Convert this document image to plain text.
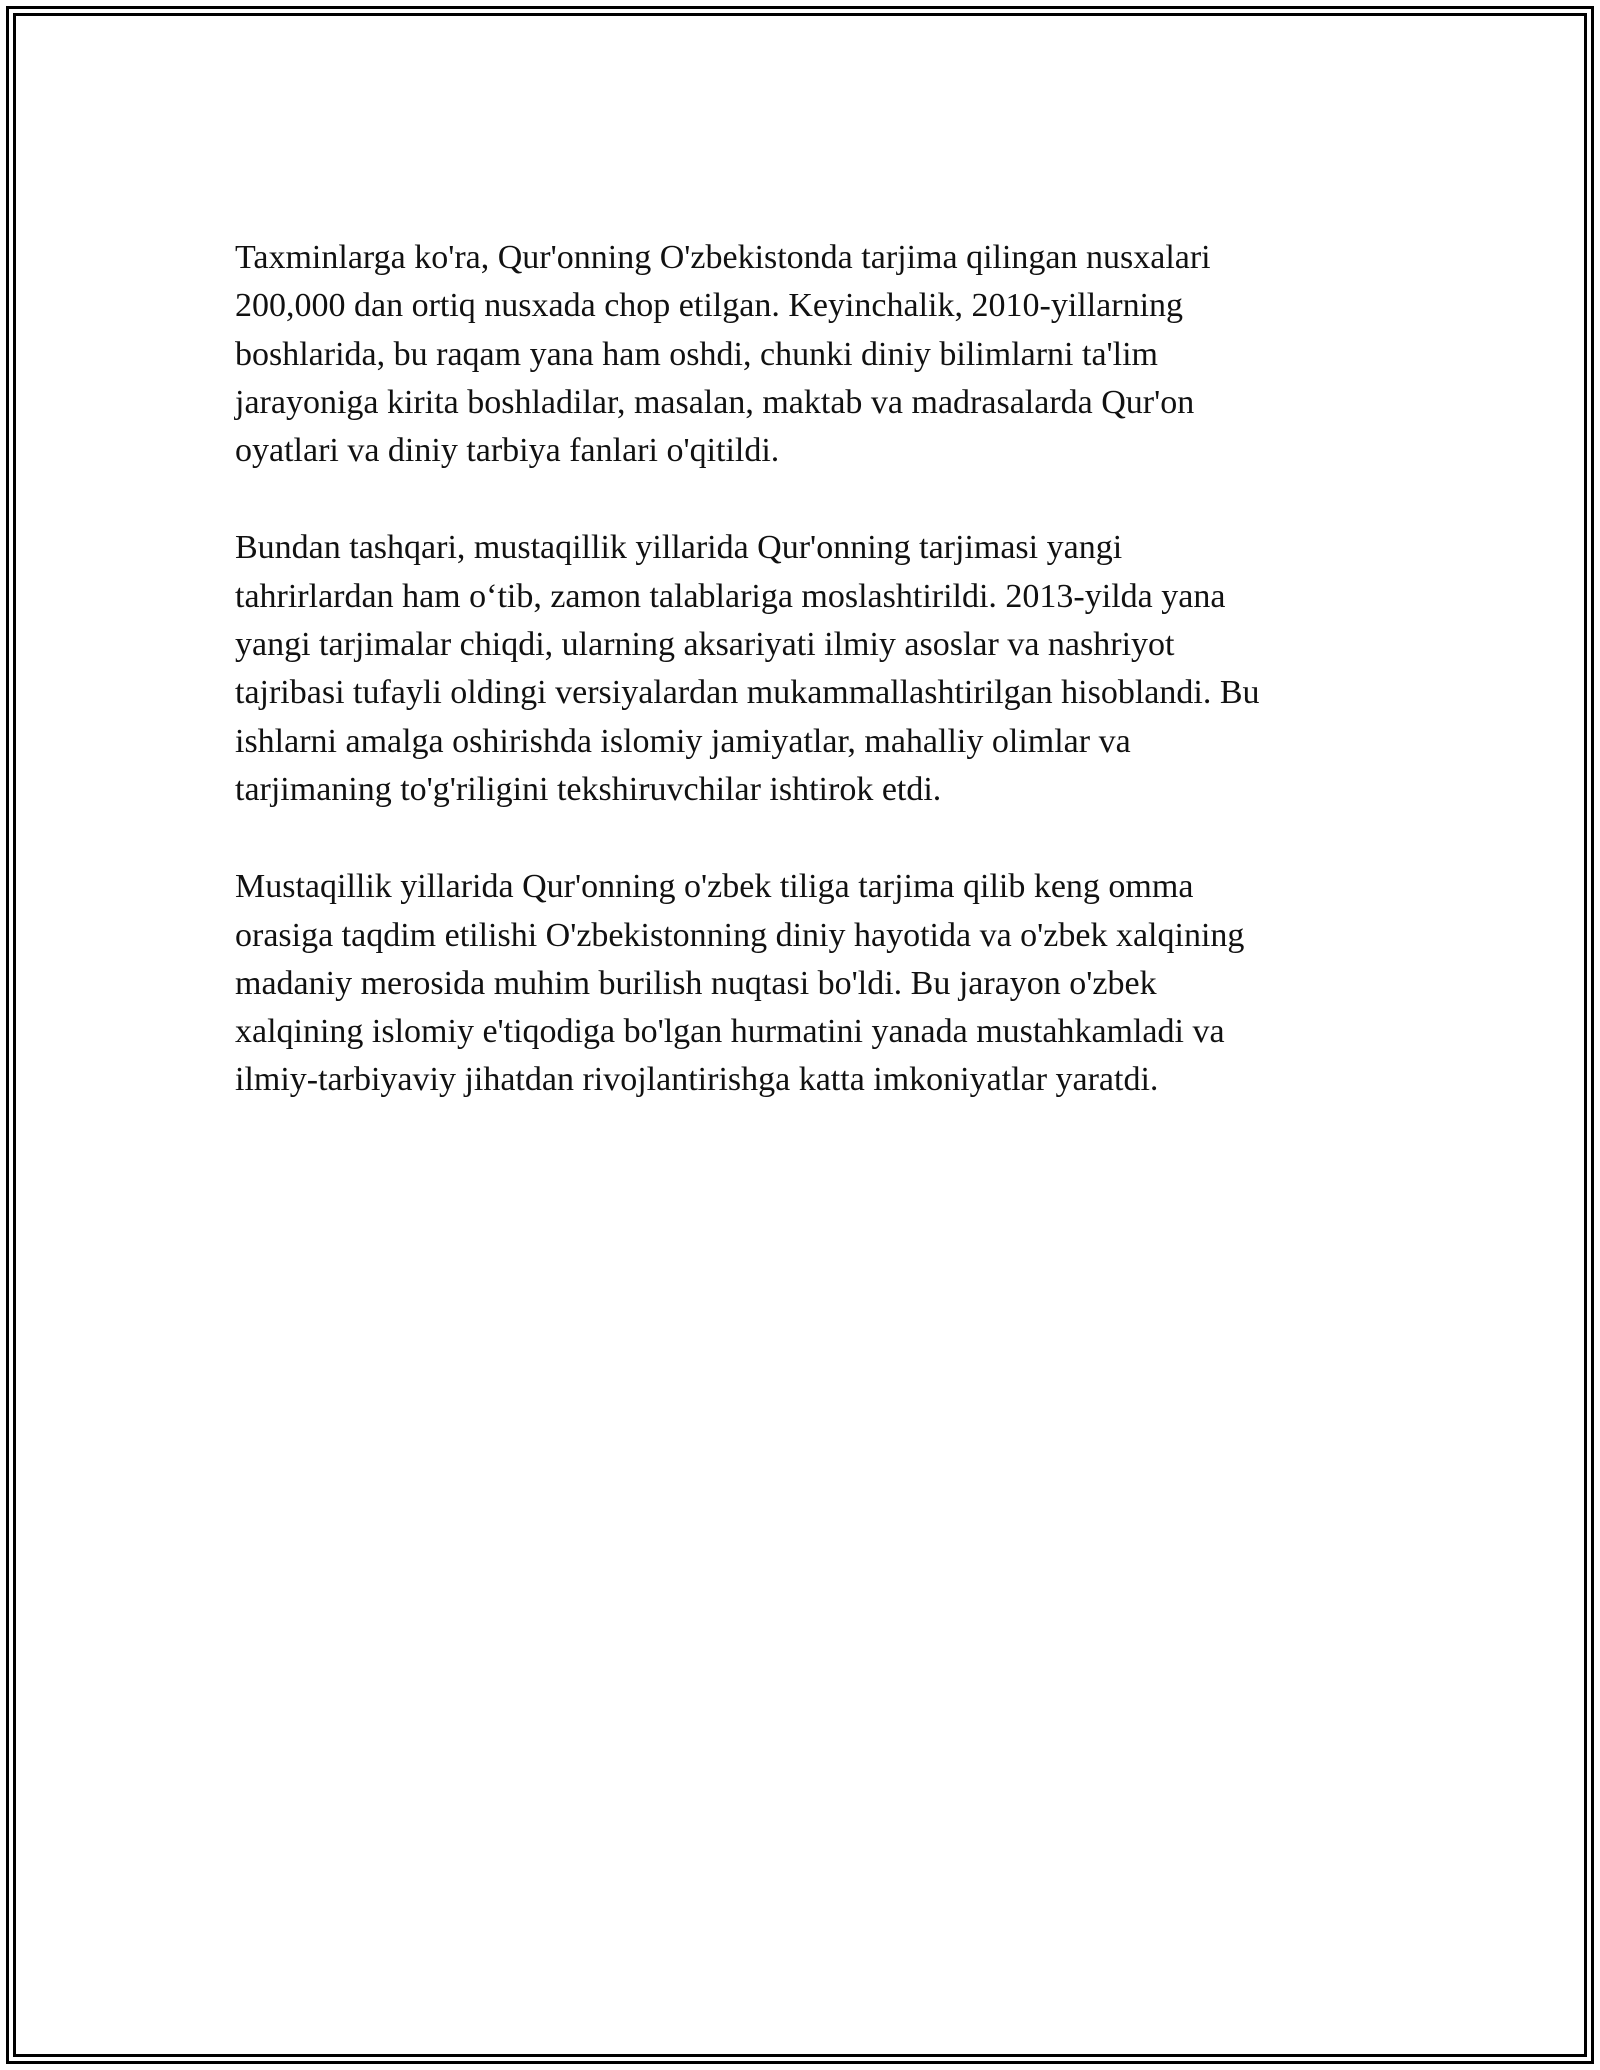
Taxminlarga ko'ra, Qur'onning O'zbekistonda tarjima qilingan nusxalari
200,000 dan ortiq nusxada chop etilgan. Keyinchalik, 2010-yillarning
boshlarida, bu raqam yana ham oshdi, chunki diniy bilimlarni ta'lim
jarayoniga kirita boshladilar, masalan, maktab va madrasalarda Qur'on
oyatlari va diniy tarbiya fanlari o'qitildi.

Bundan tashqari, mustaqillik yillarida Qur'onning tarjimasi yangi
tahrirlardan ham o‘tib, zamon talablariga moslashtirildi. 2013-yilda yana
yangi tarjimalar chiqdi, ularning aksariyati ilmiy asoslar va nashriyot
tajribasi tufayli oldingi versiyalardan mukammallashtirilgan hisoblandi. Bu
ishlarni amalga oshirishda islomiy jamiyatlar, mahalliy olimlar va
tarjimaning to'g'riligini tekshiruvchilar ishtirok etdi.

Mustaqillik yillarida Qur'onning o'zbek tiliga tarjima qilib keng omma
orasiga taqdim etilishi O'zbekistonning diniy hayotida va o'zbek xalqining
madaniy merosida muhim burilish nuqtasi bo'ldi. Bu jarayon o'zbek
xalqining islomiy e'tiqodiga bo'lgan hurmatini yanada mustahkamladi va
ilmiy-tarbiyaviy jihatdan rivojlantirishga katta imkoniyatlar yaratdi.
